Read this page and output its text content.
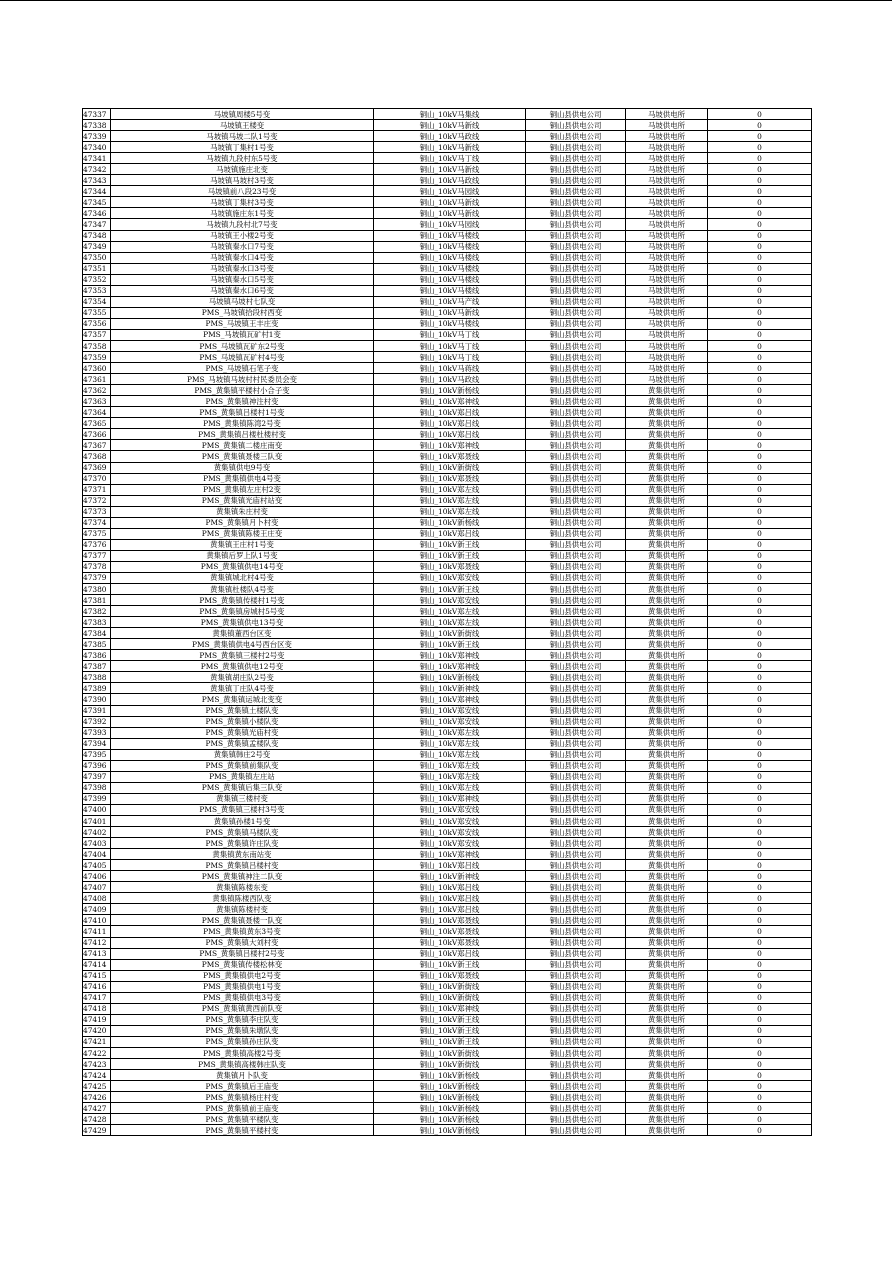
47337	马坡镇周楼5号变	铜山_10kV马集线	铜山县供电公司	马坡供电所	0
47338	马坡镇王楼变	铜山_10kV马新线	铜山县供电公司	马坡供电所	0
47339	马坡镇马坡二队1号变	铜山_10kV马政线	铜山县供电公司	马坡供电所	0
47340	马坡镇丁集村1号变	铜山_10kV马新线	铜山县供电公司	马坡供电所	0
47341	马坡镇九段村东5号变	铜山_10kV马丁线	铜山县供电公司	马坡供电所	0
47342	马坡镇施庄北变	铜山_10kV马新线	铜山县供电公司	马坡供电所	0
47343	马坡镇马坡村3号变	铜山_10kV马政线	铜山县供电公司	马坡供电所	0
47344	马坡镇前八段23号变	铜山_10kV马园线	铜山县供电公司	马坡供电所	0
47345	马坡镇丁集村3号变	铜山_10kV马新线	铜山县供电公司	马坡供电所	0
47346	马坡镇施庄东1号变	铜山_10kV马新线	铜山县供电公司	马坡供电所	0
47347	马坡镇九段村北7号变	铜山_10kV马园线	铜山县供电公司	马坡供电所	0
47348	马坡镇王小楼2号变	铜山_10kV马楼线	铜山县供电公司	马坡供电所	0
47349	马坡镇秦水口7号变	铜山_10kV马楼线	铜山县供电公司	马坡供电所	0
47350	马坡镇秦水口4号变	铜山_10kV马楼线	铜山县供电公司	马坡供电所	0
47351	马坡镇秦水口3号变	铜山_10kV马楼线	铜山县供电公司	马坡供电所	0
47352	马坡镇秦水口5号变	铜山_10kV马楼线	铜山县供电公司	马坡供电所	0
47353	马坡镇秦水口6号变	铜山_10kV马楼线	铜山县供电公司	马坡供电所	0
47354	马坡镇马坡村七队变	铜山_10kV马产线	铜山县供电公司	马坡供电所	0
47355	PMS_马坡镇拾段村西变	铜山_10kV马新线	铜山县供电公司	马坡供电所	0
47356	PMS_马坡镇王丰庄变	铜山_10kV马楼线	铜山县供电公司	马坡供电所	0
47357	PMS_马坡镇瓦矿村1变	铜山_10kV马丁线	铜山县供电公司	马坡供电所	0
47358	PMS_马坡镇瓦矿东2号变	铜山_10kV马丁线	铜山县供电公司	马坡供电所	0
47359	PMS_马坡镇瓦矿村4号变	铜山_10kV马丁线	铜山县供电公司	马坡供电所	0
47360	PMS_马坡镇石笔子变	铜山_10kV马蒋线	铜山县供电公司	马坡供电所	0
47361	PMS_马坡镇马坡村村民委员会变	铜山_10kV马政线	铜山县供电公司	马坡供电所	0
47362	PMS_黄集镇平楼村小合子变	铜山_10kV新杨线	铜山县供电公司	黄集供电所	0
47363	PMS_黄集镇神注村变	铜山_10kV郑神线	铜山县供电公司	黄集供电所	0
47364	PMS_黄集镇吕楼村1号变	铜山_10kV郑吕线	铜山县供电公司	黄集供电所	0
47365	PMS_黄集镇陈湾2号变	铜山_10kV郑吕线	铜山县供电公司	黄集供电所	0
47366	PMS_黄集镇吕楼杜楼村变	铜山_10kV郑吕线	铜山县供电公司	黄集供电所	0
47367	PMS_黄集镇二楼庄南变	铜山_10kV郑神线	铜山县供电公司	黄集供电所	0
47368	PMS_黄集镇聂楼三队变	铜山_10kV郑聂线	铜山县供电公司	黄集供电所	0
47369	黄集镇供电9号变	铜山_10kV新街线	铜山县供电公司	黄集供电所	0
47370	PMS_黄集镇供电4号变	铜山_10kV郑聂线	铜山县供电公司	黄集供电所	0
47371	PMS_黄集镇左庄村2变	铜山_10kV郑左线	铜山县供电公司	黄集供电所	0
47372	PMS_黄集镇光庙村站变	铜山_10kV郑左线	铜山县供电公司	黄集供电所	0
47373	黄集镇朱庄村变	铜山_10kV郑左线	铜山县供电公司	黄集供电所	0
47374	PMS_黄集镇月卜村变	铜山_10kV新杨线	铜山县供电公司	黄集供电所	0
47375	PMS_黄集镇陈楼王庄变	铜山_10kV郑吕线	铜山县供电公司	黄集供电所	0
47376	黄集镇王庄村1号变	铜山_10kV新王线	铜山县供电公司	黄集供电所	0
47377	黄集镇后罗上队1号变	铜山_10kV新王线	铜山县供电公司	黄集供电所	0
47378	PMS_黄集镇供电14号变	铜山_10kV郑聂线	铜山县供电公司	黄集供电所	0
47379	黄集镇城北村4号变	铜山_10kV郑安线	铜山县供电公司	黄集供电所	0
47380	黄集镇杜楼队4号变	铜山_10kV新王线	铜山县供电公司	黄集供电所	0
47381	PMS_黄集镇传楼村1号变	铜山_10kV郑安线	铜山县供电公司	黄集供电所	0
47382	PMS_黄集镇房城村5号变	铜山_10kV郑左线	铜山县供电公司	黄集供电所	0
47383	PMS_黄集镇供电13号变	铜山_10kV郑左线	铜山县供电公司	黄集供电所	0
47384	黄集镇董西台区变	铜山_10kV新街线	铜山县供电公司	黄集供电所	0
47385	PMS_黄集镇供电4号西台区变	铜山_10kV新王线	铜山县供电公司	黄集供电所	0
47386	PMS_黄集镇三楼村2号变	铜山_10kV郑神线	铜山县供电公司	黄集供电所	0
47387	PMS_黄集镇供电12号变	铜山_10kV郑神线	铜山县供电公司	黄集供电所	0
47388	黄集镇胡庄队2号变	铜山_10kV新杨线	铜山县供电公司	黄集供电所	0
47389	黄集镇丁庄队4号变	铜山_10kV新神线	铜山县供电公司	黄集供电所	0
47390	PMS_黄集镇运城北变变	铜山_10kV郑神线	铜山县供电公司	黄集供电所	0
47391	PMS_黄集镇土楼队变	铜山_10kV郑安线	铜山县供电公司	黄集供电所	0
47392	PMS_黄集镇小楼队变	铜山_10kV郑安线	铜山县供电公司	黄集供电所	0
47393	PMS_黄集镇光庙村变	铜山_10kV郑左线	铜山县供电公司	黄集供电所	0
47394	PMS_黄集镇孟楼队变	铜山_10kV郑左线	铜山县供电公司	黄集供电所	0
47395	黄集镇韩庄2号变	铜山_10kV郑左线	铜山县供电公司	黄集供电所	0
47396	PMS_黄集镇前集队变	铜山_10kV郑左线	铜山县供电公司	黄集供电所	0
47397	PMS_黄集镇左庄站	铜山_10kV郑左线	铜山县供电公司	黄集供电所	0
47398	PMS_黄集镇后集三队变	铜山_10kV郑左线	铜山县供电公司	黄集供电所	0
47399	黄集镇三楼村变	铜山_10kV郑神线	铜山县供电公司	黄集供电所	0
47400	PMS_黄集镇三楼村3号变	铜山_10kV郑安线	铜山县供电公司	黄集供电所	0
47401	黄集镇孙楼1号变	铜山_10kV郑安线	铜山县供电公司	黄集供电所	0
47402	PMS_黄集镇马楼队变	铜山_10kV郑安线	铜山县供电公司	黄集供电所	0
47403	PMS_黄集镇许庄队变	铜山_10kV郑安线	铜山县供电公司	黄集供电所	0
47404	黄集镇黄东南站变	铜山_10kV郑神线	铜山县供电公司	黄集供电所	0
47405	PMS_黄集镇吕楼村变	铜山_10kV郑吕线	铜山县供电公司	黄集供电所	0
47406	PMS_黄集镇神注二队变	铜山_10kV新神线	铜山县供电公司	黄集供电所	0
47407	黄集镇陈楼东变	铜山_10kV郑吕线	铜山县供电公司	黄集供电所	0
47408	黄集镇陈楼西队变	铜山_10kV郑吕线	铜山县供电公司	黄集供电所	0
47409	黄集镇陈楼村变	铜山_10kV郑吕线	铜山县供电公司	黄集供电所	0
47410	PMS_黄集镇聂楼一队变	铜山_10kV郑聂线	铜山县供电公司	黄集供电所	0
47411	PMS_黄集镇黄东3号变	铜山_10kV郑聂线	铜山县供电公司	黄集供电所	0
47412	PMS_黄集镇大刘村变	铜山_10kV郑聂线	铜山县供电公司	黄集供电所	0
47413	PMS_黄集镇吕楼村2号变	铜山_10kV郑吕线	铜山县供电公司	黄集供电所	0
47414	PMS_黄集镇传楼松林变	铜山_10kV新王线	铜山县供电公司	黄集供电所	0
47415	PMS_黄集镇供电2号变	铜山_10kV郑聂线	铜山县供电公司	黄集供电所	0
47416	PMS_黄集镇供电1号变	铜山_10kV新街线	铜山县供电公司	黄集供电所	0
47417	PMS_黄集镇供电3号变	铜山_10kV新街线	铜山县供电公司	黄集供电所	0
47418	PMS_黄集镇黄西前队变	铜山_10kV郑神线	铜山县供电公司	黄集供电所	0
47419	PMS_黄集镇李庄队变	铜山_10kV新王线	铜山县供电公司	黄集供电所	0
47420	PMS_黄集镇朱墩队变	铜山_10kV新王线	铜山县供电公司	黄集供电所	0
47421	PMS_黄集镇孙庄队变	铜山_10kV新王线	铜山县供电公司	黄集供电所	0
47422	PMS_黄集镇高楼2号变	铜山_10kV新街线	铜山县供电公司	黄集供电所	0
47423	PMS_黄集镇高楼韩庄队变	铜山_10kV新街线	铜山县供电公司	黄集供电所	0
47424	黄集镇月卜队变	铜山_10kV新杨线	铜山县供电公司	黄集供电所	0
47425	PMS_黄集镇后王庙变	铜山_10kV新杨线	铜山县供电公司	黄集供电所	0
47426	PMS_黄集镇杨庄村变	铜山_10kV新杨线	铜山县供电公司	黄集供电所	0
47427	PMS_黄集镇前王庙变	铜山_10kV新杨线	铜山县供电公司	黄集供电所	0
47428	PMS_黄集镇平楼队变	铜山_10kV新杨线	铜山县供电公司	黄集供电所	0
47429	PMS_黄集镇平楼村变	铜山_10kV新杨线	铜山县供电公司	黄集供电所	0
